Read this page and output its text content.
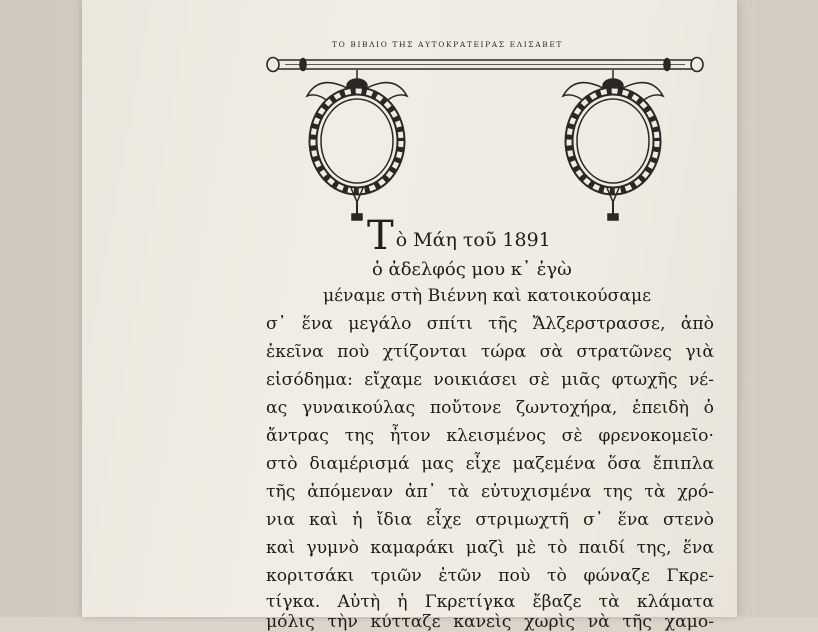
ΤΟ ΒΙΒΛΙΟ ΤΗΣ ΑΥΤΟΚΡΑΤΕΙΡΑΣ ΕΛΙΣΑΒΕΤ
Τὸ Μάη τοῦ 1891
ὁ ἀδελφός μου κ᾽ ἐγὼ
μέναμε στὴ Βιέννη καὶ κατοικούσαμε
σ᾽ ἕνα μεγάλο σπίτι τῆς Ἄλζερστρασσε, ἀπὸ
ἐκεῖνα ποὺ χτίζονται τώρα σὰ στρατῶνες γιὰ
εἰσόδημα: εἴχαμε νοικιάσει σὲ μιᾶς φτωχῆς νέ-
ας γυναικούλας ποὔτονε ζωντοχήρα, ἐπειδὴ ὁ
ἄντρας της ἦτον κλεισμένος σὲ φρενοκομεῖο·
στὸ διαμέρισμά μας εἶχε μαζεμένα ὅσα ἔπιπλα
τῆς ἀπόμεναν ἀπ᾽ τὰ εὐτυχισμένα της τὰ χρό-
νια καὶ ἡ ἴδια εἶχε στριμωχτῆ σ᾽ ἕνα στενὸ
καὶ γυμνὸ καμαράκι μαζὶ μὲ τὸ παιδί της, ἕνα
κοριτσάκι τριῶν ἐτῶν ποὺ τὸ φώναζε Γκρε-
τίγκα. Αὐτὴ ἡ Γκρετίγκα ἔβαζε τὰ κλάματα
μόλις τὴν κύτταζε κανεὶς χωρὶς νὰ τῆς χαμο-
